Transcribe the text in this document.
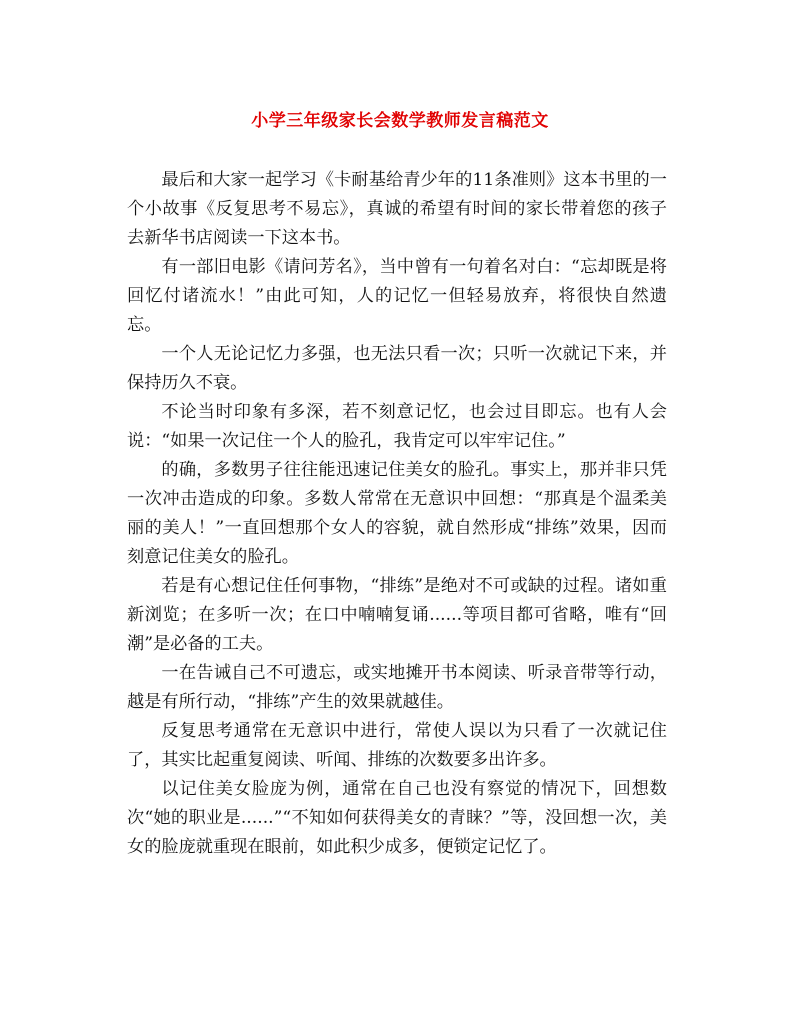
小学三年级家长会数学教师发言稿范文

最后和大家一起学习《卡耐基给青少年的11条准则》这本书里的一个小故事《反复思考不易忘》，真诚的希望有时间的家长带着您的孩子去新华书店阅读一下这本书。

有一部旧电影《请问芳名》，当中曾有一句着名对白：“忘却既是将回忆付诸流水！”由此可知，人的记忆一但轻易放弃，将很快自然遗忘。

一个人无论记忆力多强，也无法只看一次；只听一次就记下来，并保持历久不衰。

不论当时印象有多深，若不刻意记忆，也会过目即忘。也有人会说：“如果一次记住一个人的脸孔，我肯定可以牢牢记住。”

的确，多数男子往往能迅速记住美女的脸孔。事实上，那并非只凭一次冲击造成的印象。多数人常常在无意识中回想：“那真是个温柔美丽的美人！”一直回想那个女人的容貌，就自然形成“排练”效果，因而刻意记住美女的脸孔。

若是有心想记住任何事物，“排练”是绝对不可或缺的过程。诸如重新浏览；在多听一次；在口中喃喃复诵......等项目都可省略，唯有“回潮”是必备的工夫。

一在告诫自己不可遗忘，或实地摊开书本阅读、听录音带等行动，越是有所行动，“排练”产生的效果就越佳。

反复思考通常在无意识中进行，常使人误以为只看了一次就记住了，其实比起重复阅读、听闻、排练的次数要多出许多。

以记住美女脸庞为例，通常在自己也没有察觉的情况下，回想数次“她的职业是......”“不知如何获得美女的青睐？”等，没回想一次，美女的脸庞就重现在眼前，如此积少成多，便锁定记忆了。
